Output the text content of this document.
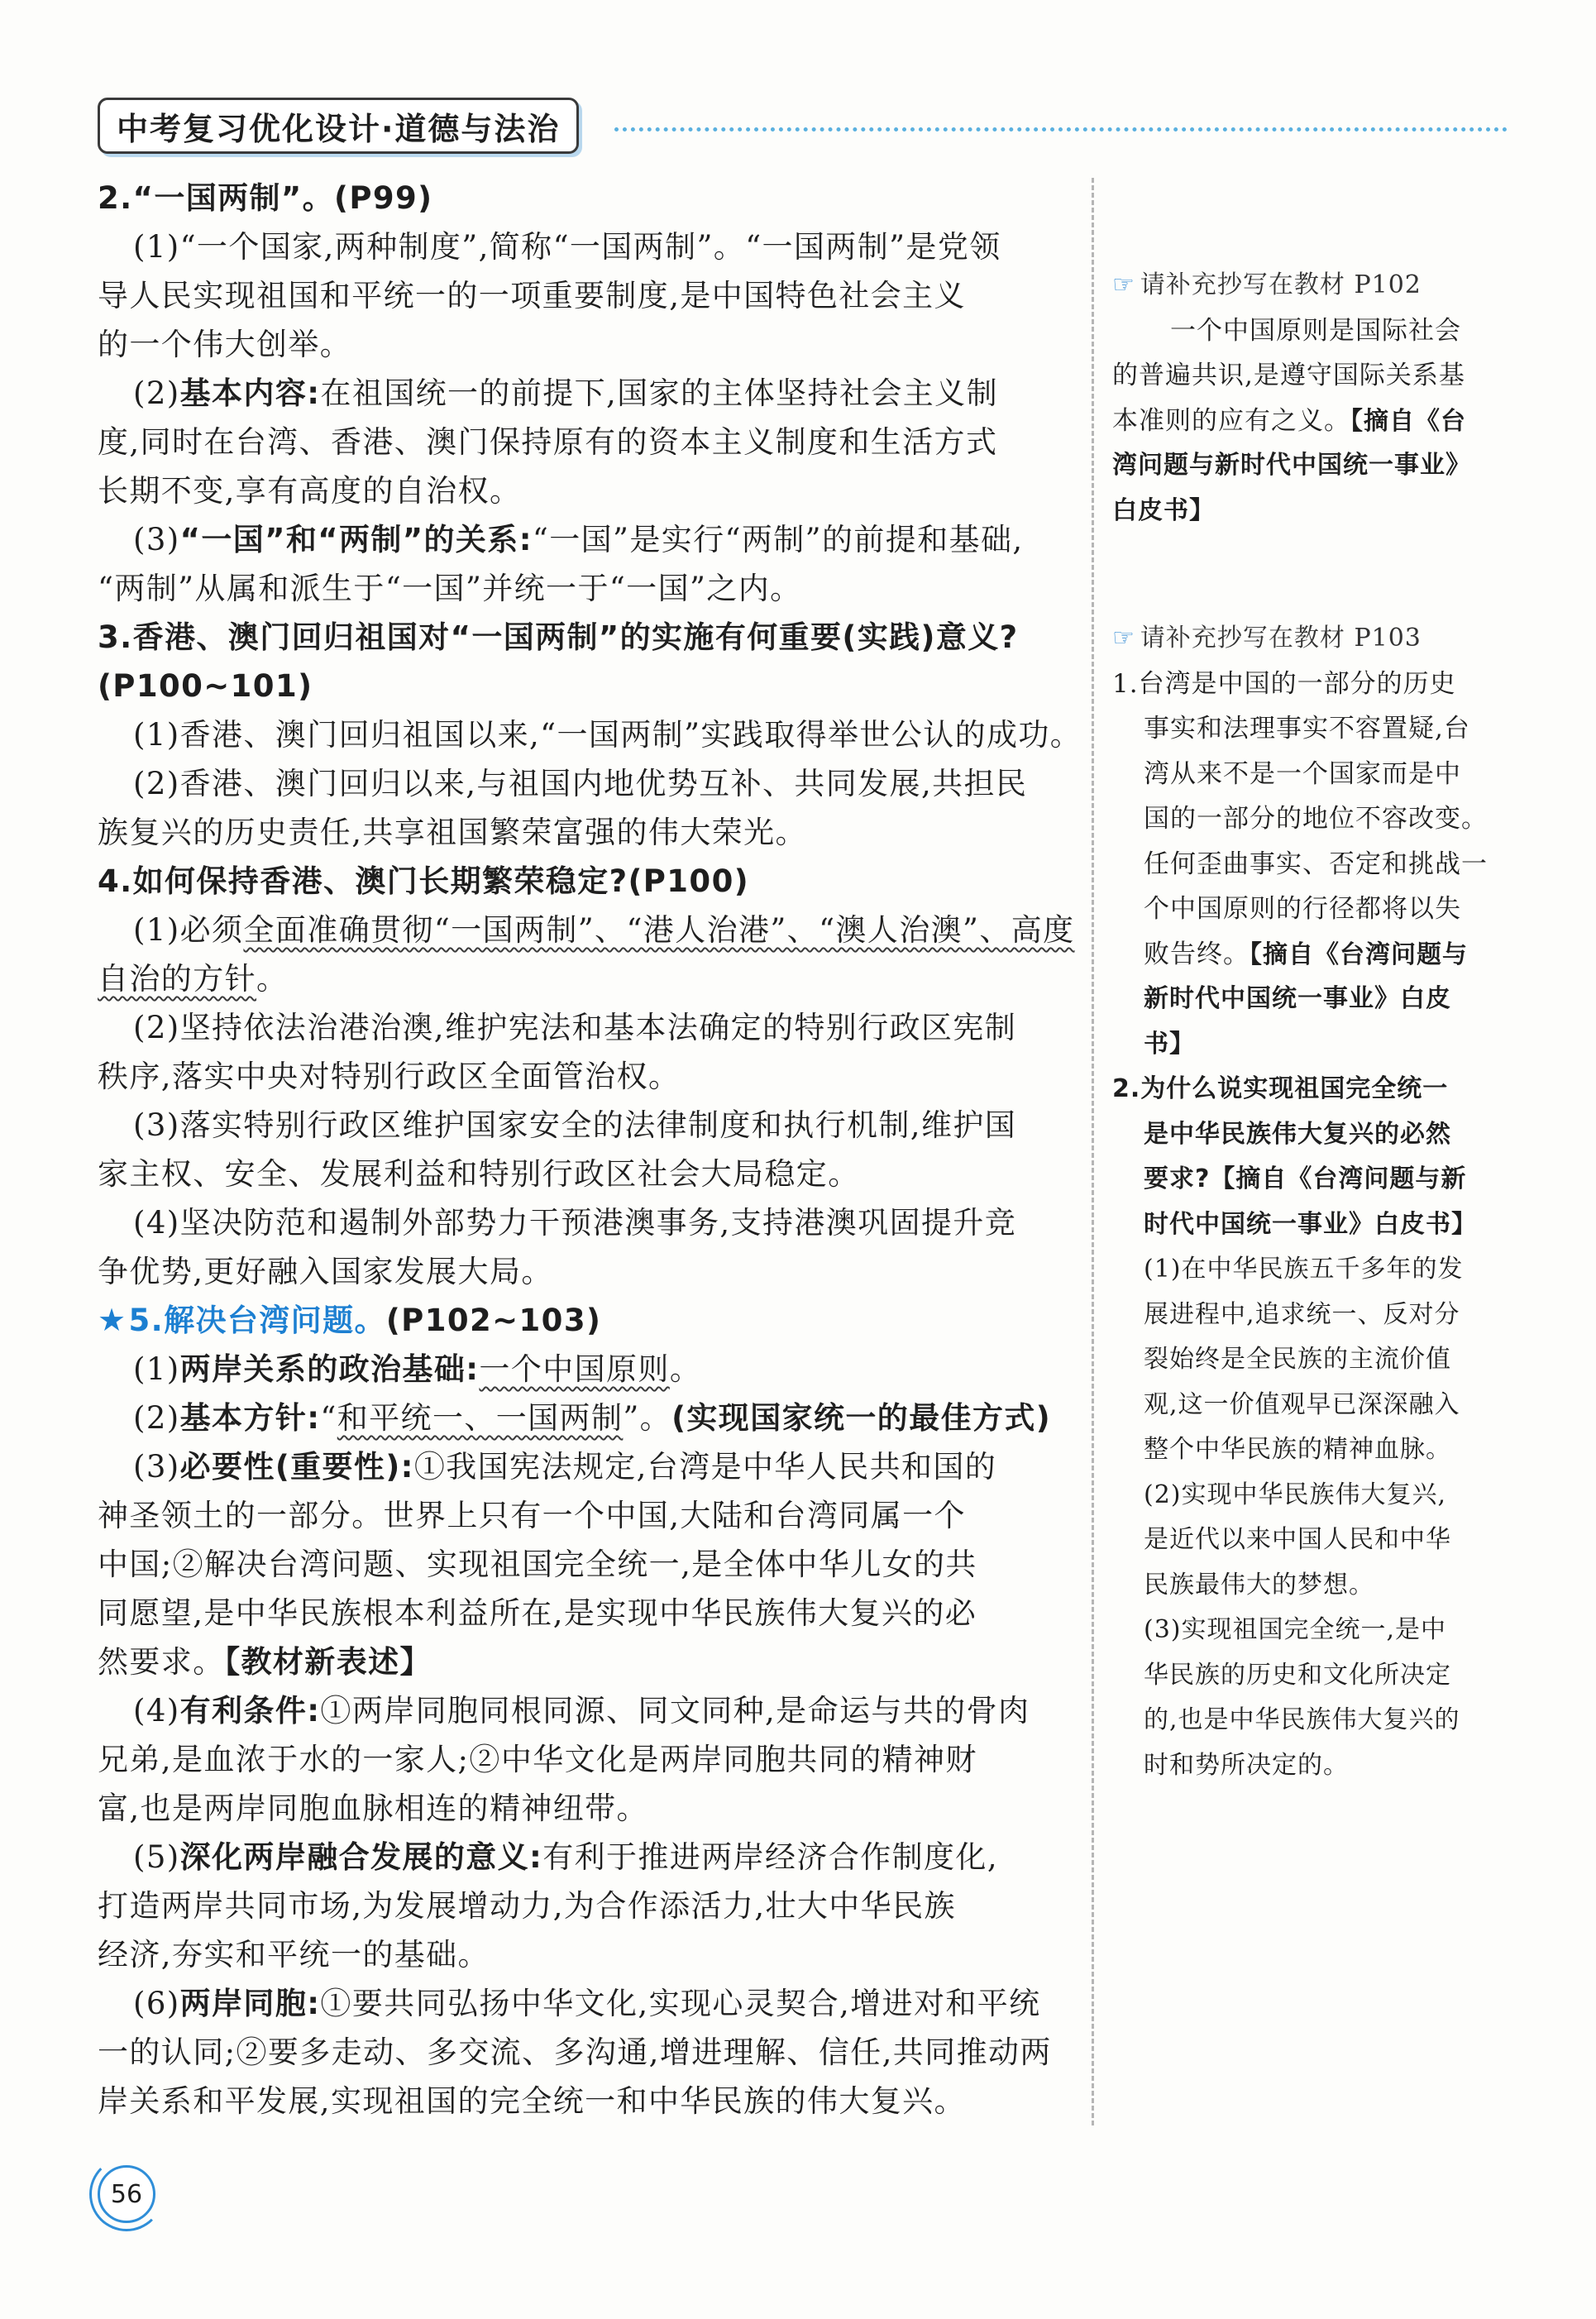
中考复习优化设计·道德与法治
2.“一国两制”。(P99)
(1)“一个国家,两种制度”,简称“一国两制”。“一国两制”是党领
导人民实现祖国和平统一的一项重要制度,是中国特色社会主义
的一个伟大创举。
(2)基本内容:在祖国统一的前提下,国家的主体坚持社会主义制
度,同时在台湾、香港、澳门保持原有的资本主义制度和生活方式
长期不变,享有高度的自治权。
(3)“一国”和“两制”的关系:“一国”是实行“两制”的前提和基础,
“两制”从属和派生于“一国”并统一于“一国”之内。
3.香港、澳门回归祖国对“一国两制”的实施有何重要(实践)意义?
(P100~101)
(1)香港、澳门回归祖国以来,“一国两制”实践取得举世公认的成功。
(2)香港、澳门回归以来,与祖国内地优势互补、共同发展,共担民
族复兴的历史责任,共享祖国繁荣富强的伟大荣光。
4.如何保持香港、澳门长期繁荣稳定?(P100)
(1)必须全面准确贯彻“一国两制”、“港人治港”、“澳人治澳”、高度
自治的方针。
(2)坚持依法治港治澳,维护宪法和基本法确定的特别行政区宪制
秩序,落实中央对特别行政区全面管治权。
(3)落实特别行政区维护国家安全的法律制度和执行机制,维护国
家主权、安全、发展利益和特别行政区社会大局稳定。
(4)坚决防范和遏制外部势力干预港澳事务,支持港澳巩固提升竞
争优势,更好融入国家发展大局。
★5.解决台湾问题。(P102~103)
(1)两岸关系的政治基础:一个中国原则。
(2)基本方针:“和平统一、一国两制”。(实现国家统一的最佳方式)
(3)必要性(重要性):①我国宪法规定,台湾是中华人民共和国的
神圣领土的一部分。世界上只有一个中国,大陆和台湾同属一个
中国;②解决台湾问题、实现祖国完全统一,是全体中华儿女的共
同愿望,是中华民族根本利益所在,是实现中华民族伟大复兴的必
然要求。【教材新表述】
(4)有利条件:①两岸同胞同根同源、同文同种,是命运与共的骨肉
兄弟,是血浓于水的一家人;②中华文化是两岸同胞共同的精神财
富,也是两岸同胞血脉相连的精神纽带。
(5)深化两岸融合发展的意义:有利于推进两岸经济合作制度化,
打造两岸共同市场,为发展增动力,为合作添活力,壮大中华民族
经济,夯实和平统一的基础。
(6)两岸同胞:①要共同弘扬中华文化,实现心灵契合,增进对和平统
一的认同;②要多走动、多交流、多沟通,增进理解、信任,共同推动两
岸关系和平发展,实现祖国的完全统一和中华民族的伟大复兴。
☞ 请补充抄写在教材 P102
一个中国原则是国际社会
的普遍共识,是遵守国际关系基
本准则的应有之义。【摘自《台
湾问题与新时代中国统一事业》
白皮书】
☞ 请补充抄写在教材 P103
1.台湾是中国的一部分的历史
事实和法理事实不容置疑,台
湾从来不是一个国家而是中
国的一部分的地位不容改变。
任何歪曲事实、否定和挑战一
个中国原则的行径都将以失
败告终。【摘自《台湾问题与
新时代中国统一事业》白皮
书】
2.为什么说实现祖国完全统一
是中华民族伟大复兴的必然
要求?【摘自《台湾问题与新
时代中国统一事业》白皮书】
(1)在中华民族五千多年的发
展进程中,追求统一、反对分
裂始终是全民族的主流价值
观,这一价值观早已深深融入
整个中华民族的精神血脉。
(2)实现中华民族伟大复兴,
是近代以来中国人民和中华
民族最伟大的梦想。
(3)实现祖国完全统一,是中
华民族的历史和文化所决定
的,也是中华民族伟大复兴的
时和势所决定的。
56
